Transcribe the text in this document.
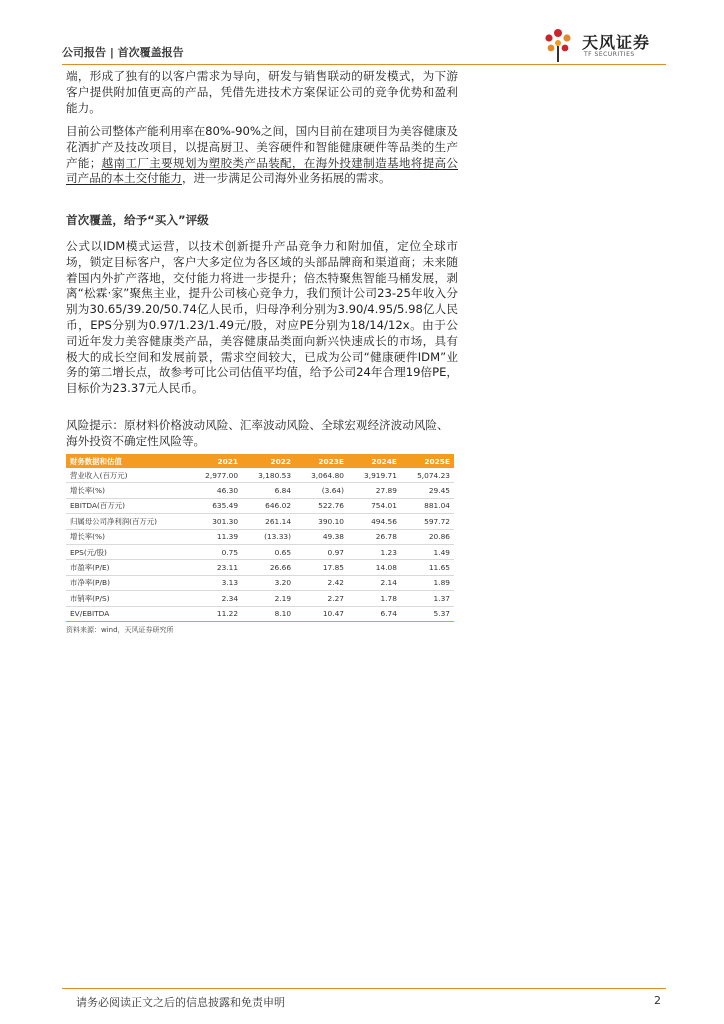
公司报告 | 首次覆盖报告
天风证券
TF SECURITIES
端，形成了独有的以客户需求为导向，研发与销售联动的研发模式，为下游客户提供附加值更高的产品，凭借先进技术方案保证公司的竞争优势和盈利能力。
目前公司整体产能利用率在80%-90%之间，国内目前在建项目为美容健康及花洒扩产及技改项目，以提高厨卫、美容硬件和智能健康硬件等品类的生产产能；越南工厂主要规划为塑胶类产品装配，在海外投建制造基地将提高公司产品的本土交付能力，进一步满足公司海外业务拓展的需求。
首次覆盖，给予“买入”评级
公式以IDM模式运营，以技术创新提升产品竞争力和附加值，定位全球市场，锁定目标客户，客户大多定位为各区域的头部品牌商和渠道商；未来随着国内外扩产落地，交付能力将进一步提升；倍杰特聚焦智能马桶发展，剥离“松霖·家”聚焦主业，提升公司核心竞争力，我们预计公司23-25年收入分别为30.65/39.20/50.74亿人民币，归母净利分别为3.90/4.95/5.98亿人民币，EPS分别为0.97/1.23/1.49元/股，对应PE分别为18/14/12x。由于公司近年发力美容健康类产品，美容健康品类面向新兴快速成长的市场，具有极大的成长空间和发展前景，需求空间较大，已成为公司“健康硬件IDM”业务的第二增长点，故参考可比公司估值平均值，给予公司24年合理19倍PE，目标价为23.37元人民币。
风险提示：原材料价格波动风险、汇率波动风险、全球宏观经济波动风险、海外投资不确定性风险等。
财务数据和估值	2021	2022	2023E	2024E	2025E
营业收入(百万元)	2,977.00	3,180.53	3,064.80	3,919.71	5,074.23
增长率(%)	46.30	6.84	(3.64)	27.89	29.45
EBITDA(百万元)	635.49	646.02	522.76	754.01	881.04
归属母公司净利润(百万元)	301.30	261.14	390.10	494.56	597.72
增长率(%)	11.39	(13.33)	49.38	26.78	20.86
EPS(元/股)	0.75	0.65	0.97	1.23	1.49
市盈率(P/E)	23.11	26.66	17.85	14.08	11.65
市净率(P/B)	3.13	3.20	2.42	2.14	1.89
市销率(P/S)	2.34	2.19	2.27	1.78	1.37
EV/EBITDA	11.22	8.10	10.47	6.74	5.37
资料来源：wind，天风证券研究所
请务必阅读正文之后的信息披露和免责申明	2
